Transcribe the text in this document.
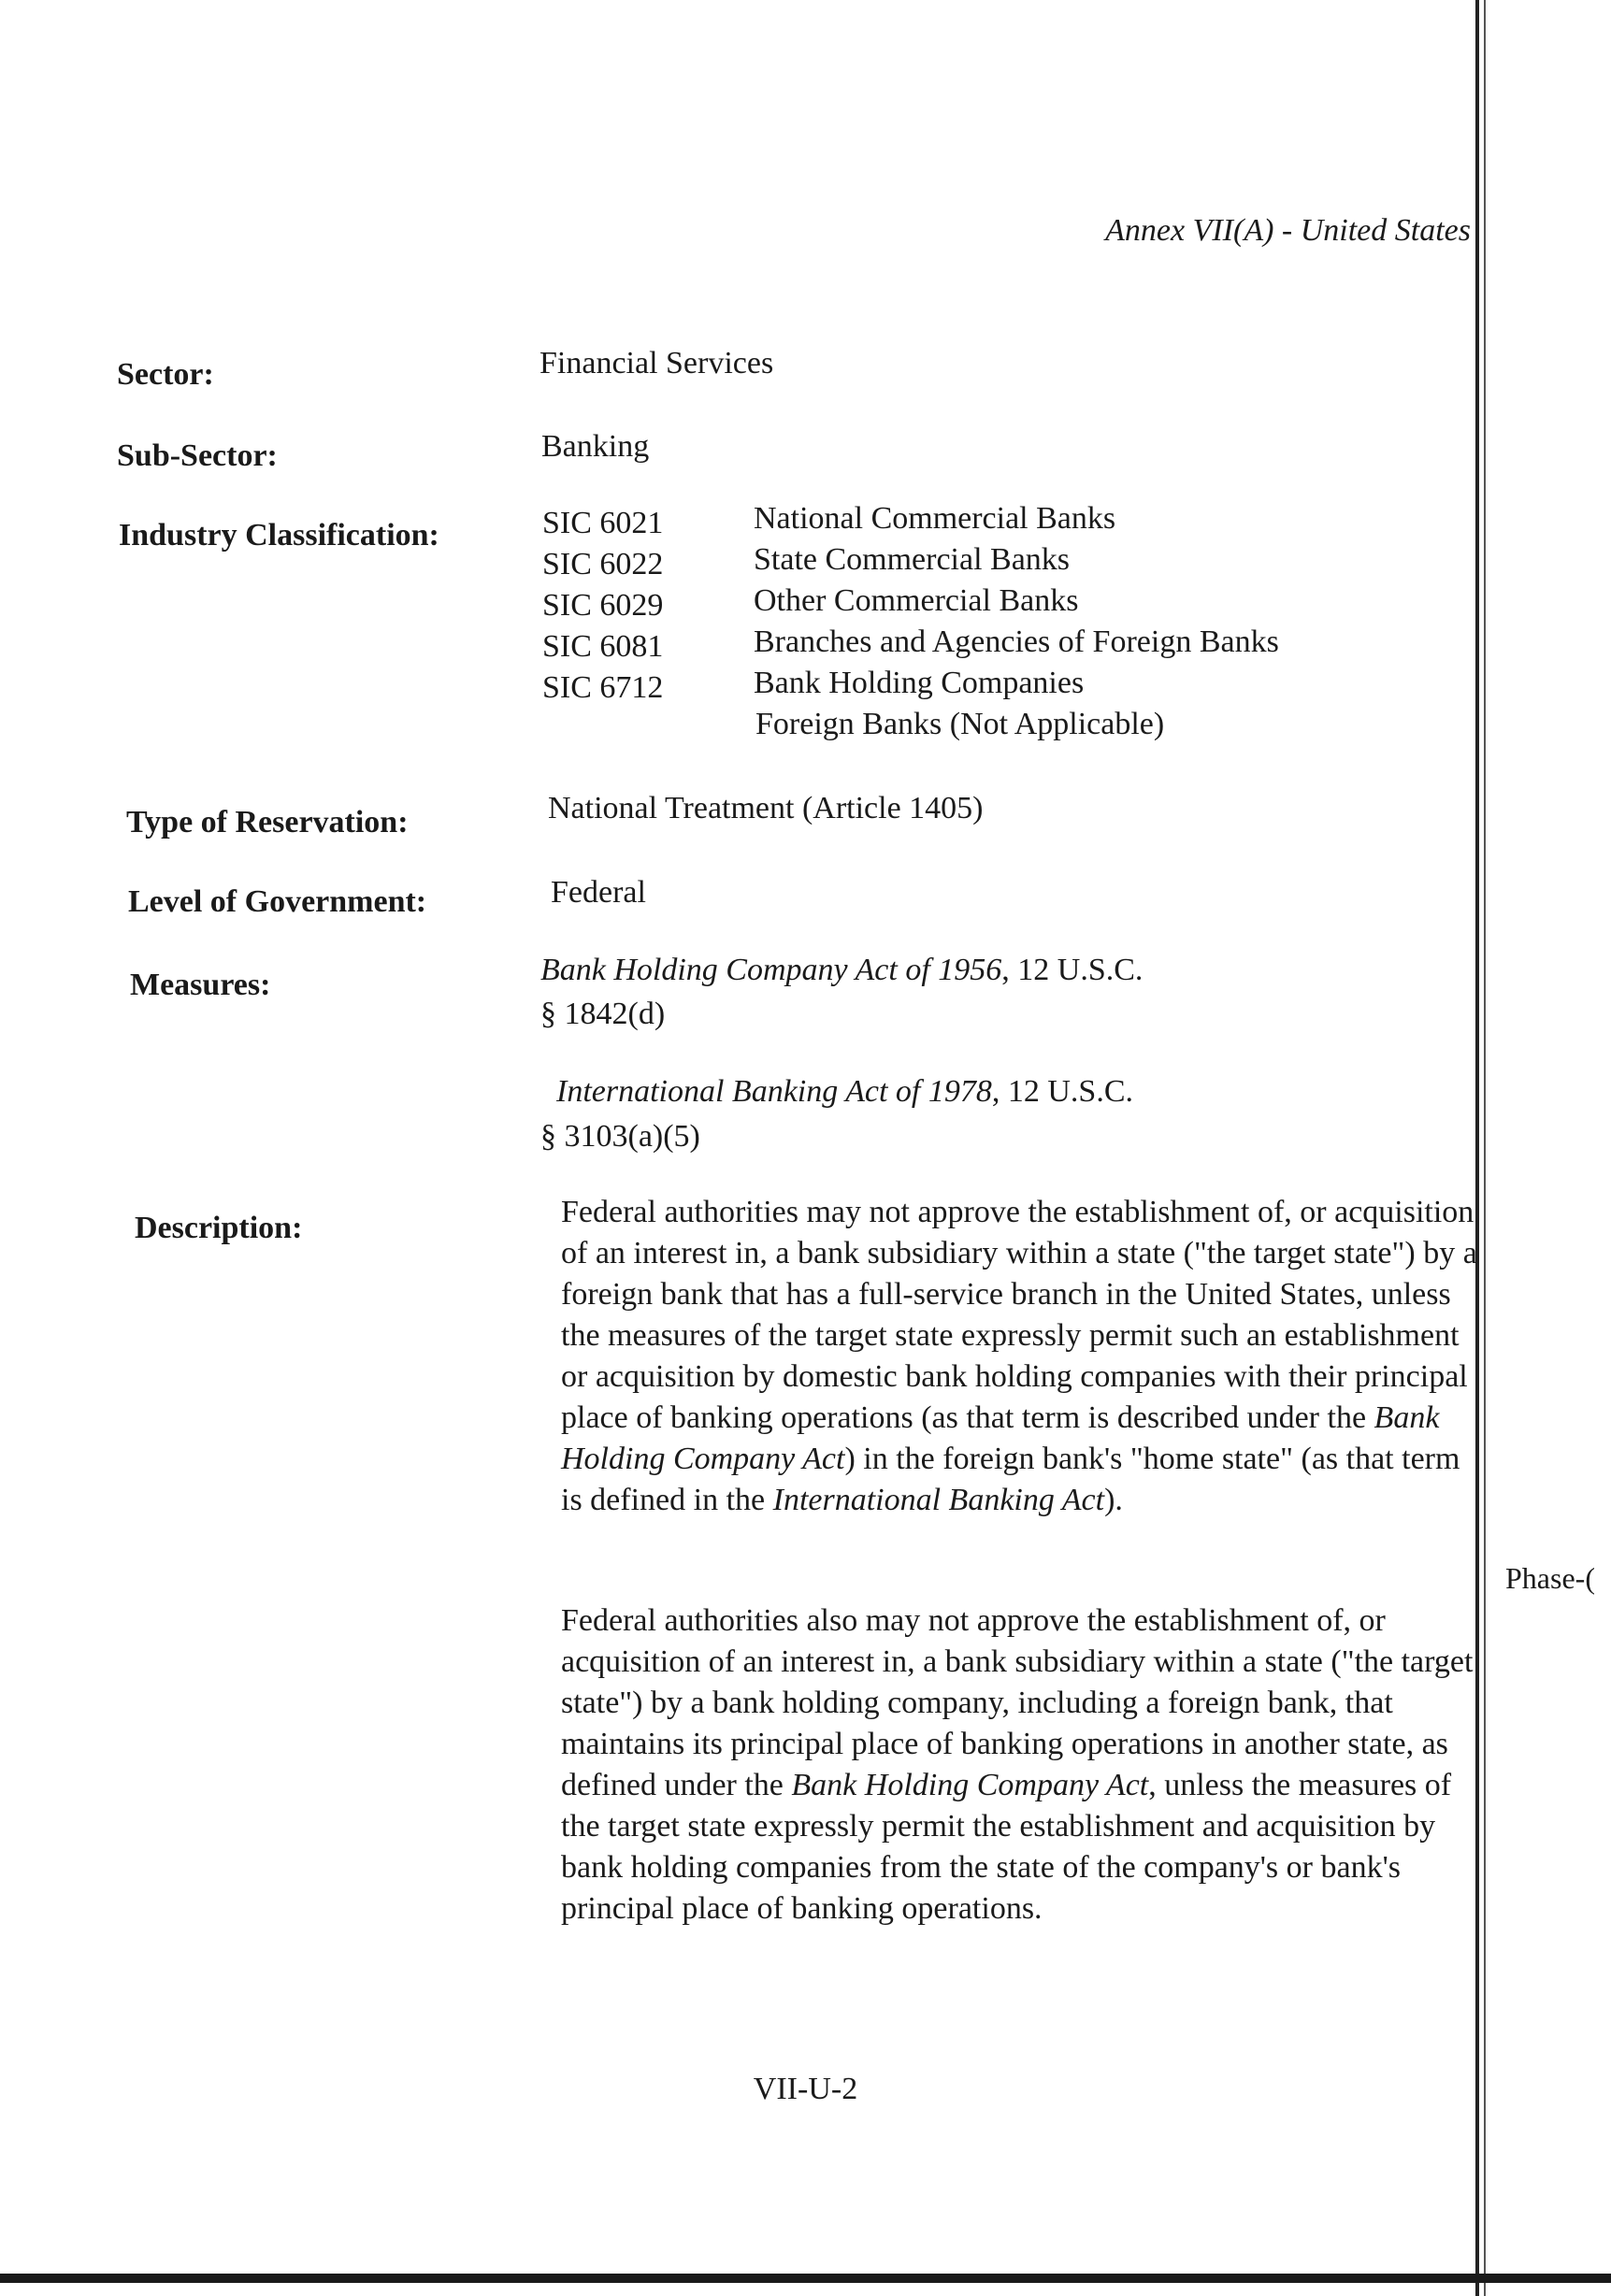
Annex VII(A) - United States
Phase-(
Sector:	Financial Services
Sub-Sector:	Banking
Industry Classification:	SIC 6021	National Commercial Banks
SIC 6022	State Commercial Banks
SIC 6029	Other Commercial Banks
SIC 6081	Branches and Agencies of Foreign Banks
SIC 6712	Bank Holding Companies
Foreign Banks (Not Applicable)
Type of Reservation:	National Treatment (Article 1405)
Level of Government:	Federal
Measures:	Bank Holding Company Act of 1956, 12 U.S.C.
§ 1842(d)
International Banking Act of 1978, 12 U.S.C.
§ 3103(a)(5)
Description:	Federal authorities may not approve the establishment of, or acquisition of an interest in, a bank subsidiary within a state ("the target state") by a foreign bank that has a full-service branch in the United States, unless the measures of the target state expressly permit such an establishment or acquisition by domestic bank holding companies with their principal place of banking operations (as that term is described under the Bank Holding Company Act) in the foreign bank's "home state" (as that term is defined in the International Banking Act).
Federal authorities also may not approve the establishment of, or acquisition of an interest in, a bank subsidiary within a state ("the target state") by a bank holding company, including a foreign bank, that maintains its principal place of banking operations in another state, as defined under the Bank Holding Company Act, unless the measures of the target state expressly permit the establishment and acquisition by bank holding companies from the state of the company's or bank's principal place of banking operations.
VII-U-2
